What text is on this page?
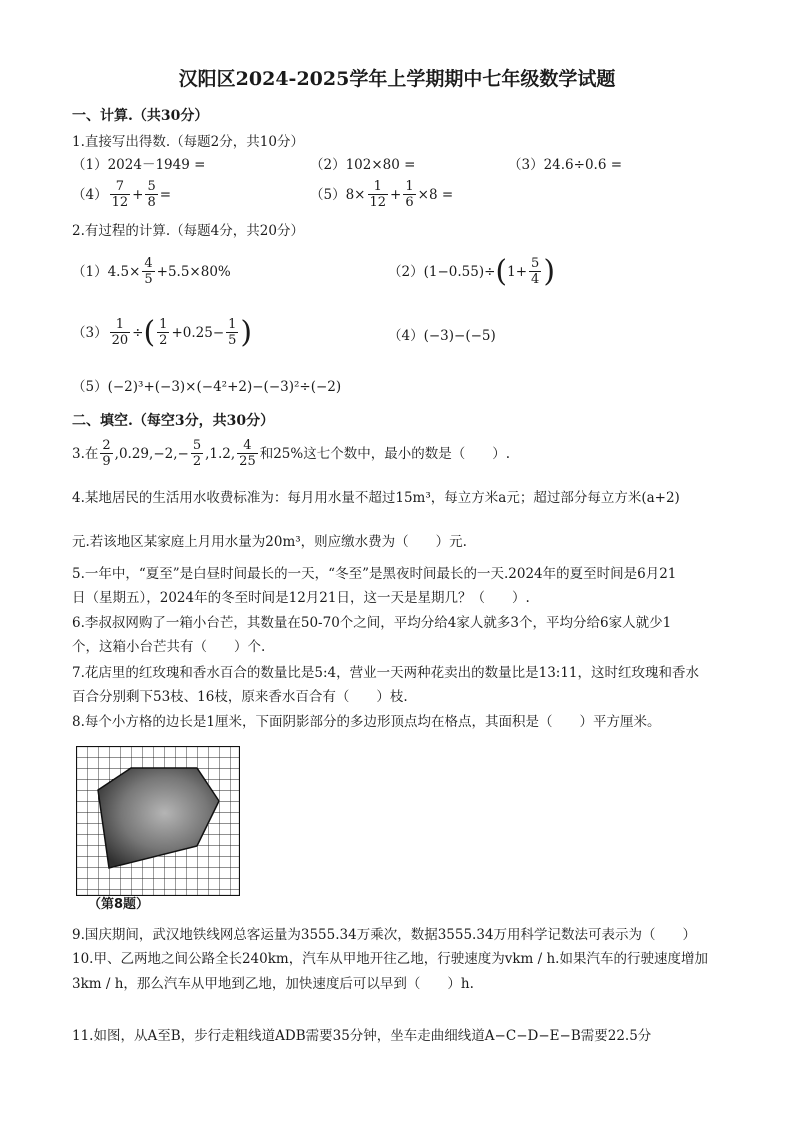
汉阳区2024-2025学年上学期期中七年级数学试题
一、计算.（共30分）
1.直接写出得数.（每题2分，共10分）
（1）2024－1949 =	（2）102×80 =	（3）24.6÷0.6 =
$(4) \frac{7}{12} + \frac{5}{8}$ =	（5） $8\times \frac{1}{12} + \frac{1}{6} \times 8$ =
2.有过程的计算.（每题4分，共20分）
（1） $4.5\times \frac{4}{5} +5.5\times 80\%$	（2） (1−0.55)÷ ( $1+ \frac{5}{4}$ )
$(3) \frac{1}{20}$ ÷ ( $\frac{1}{2} +0.25- \frac{1}{5}$ )	（4）(−3)−(−5)
（5） (−2)³+(−3)×(−4²+2)−(−3)²÷(−2)
二、填空.（每空3分，共30分）
3.在 $\frac{2}{9} ,0.29,-2,- \frac{5}{2} ,1.2$, $\frac{4}{25}$ 和25%这七个数中，最小的数是（　　）.
4.某地居民的生活用水收费标准为：每月用水量不超过15m³，每立方米a元；超过部分每立方米(a+2)
元.若该地区某家庭上月用水量为20m³，则应缴水费为（　　）元.
5.一年中，“夏至”是白昼时间最长的一天，“冬至”是黑夜时间最长的一天.2024年的夏至时间是6月21
日（星期五），2024年的冬至时间是12月21日，这一天是星期几？（　　）.
6.李叔叔网购了一箱小台芒，其数量在50-70个之间，平均分给4家人就多3个，平均分给6家人就少1
个，这箱小台芒共有（　　）个.
7.花店里的红玫瑰和香水百合的数量比是5:4，营业一天两种花卖出的数量比是13:11，这时红玫瑰和香水
百合分别剩下53枝、16枝，原来香水百合有（　　）枝.
8.每个小方格的边长是1厘米，下面阴影部分的多边形顶点均在格点，其面积是（　　）平方厘米。
（第8题）
9.国庆期间，武汉地铁线网总客运量为3555.34万乘次，数据3555.34万用科学记数法可表示为（　　）
10.甲、乙两地之间公路全长240km，汽车从甲地开往乙地，行驶速度为vkm / h.如果汽车的行驶速度增加
3km / h，那么汽车从甲地到乙地，加快速度后可以早到（　　）h.
11.如图，从A至B，步行走粗线道ADB需要35分钟，坐车走曲细线道A−C−D−E−B需要22.5分
